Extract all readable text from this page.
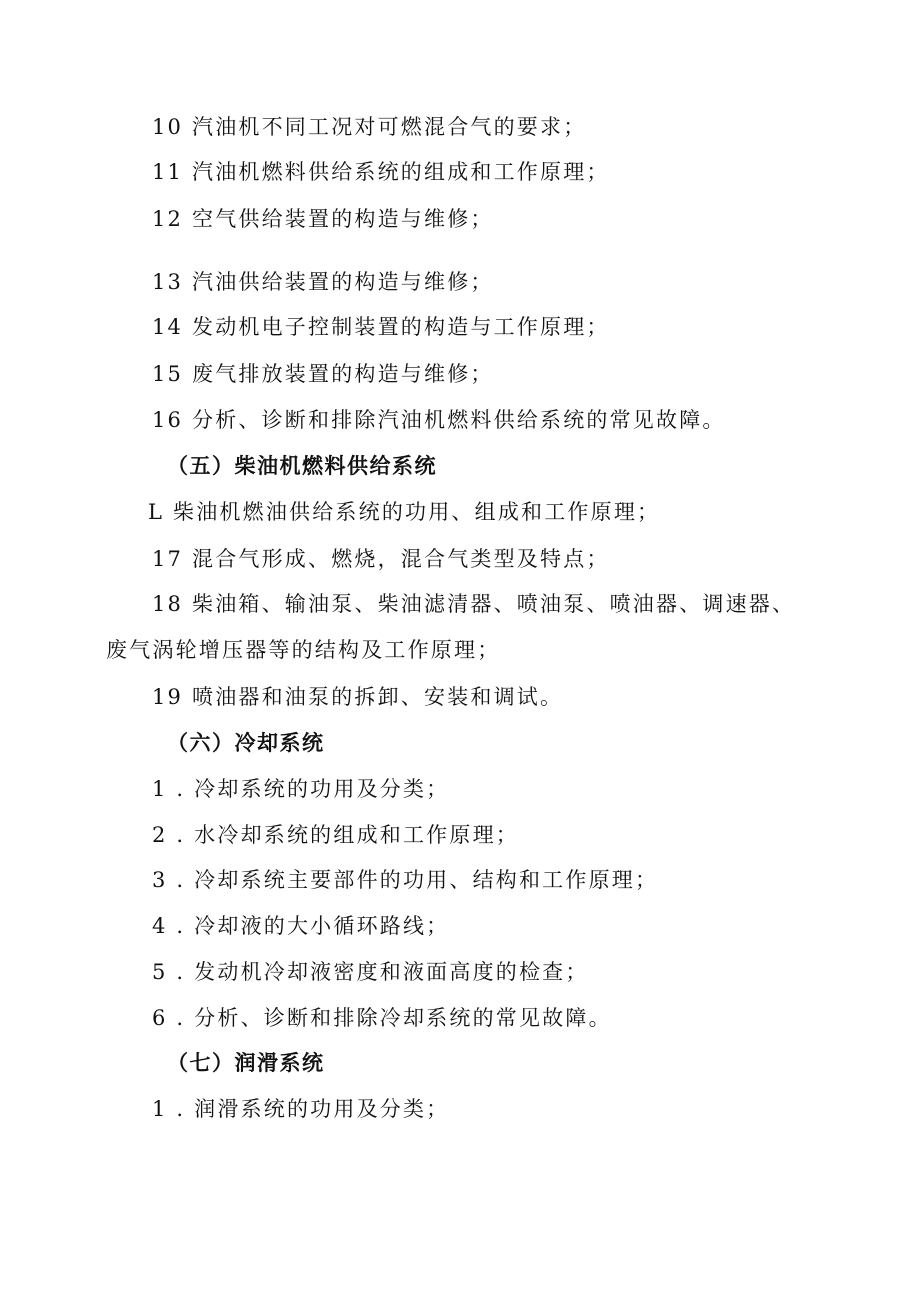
10 汽油机不同工况对可燃混合气的要求；
11 汽油机燃料供给系统的组成和工作原理；
12 空气供给装置的构造与维修；
13 汽油供给装置的构造与维修；
14 发动机电子控制装置的构造与工作原理；
15 废气排放装置的构造与维修；
16 分析、诊断和排除汽油机燃料供给系统的常见故障。
（五）柴油机燃料供给系统
L 柴油机燃油供给系统的功用、组成和工作原理；
17 混合气形成、燃烧，混合气类型及特点；
18 柴油箱、输油泵、柴油滤清器、喷油泵、喷油器、调速器、
废气涡轮增压器等的结构及工作原理；
19 喷油器和油泵的拆卸、安装和调试。
（六）冷却系统
1 . 冷却系统的功用及分类；
2 . 水冷却系统的组成和工作原理；
3 . 冷却系统主要部件的功用、结构和工作原理；
4 . 冷却液的大小循环路线；
5 . 发动机冷却液密度和液面高度的检查；
6 . 分析、诊断和排除冷却系统的常见故障。
（七）润滑系统
1 . 润滑系统的功用及分类；
